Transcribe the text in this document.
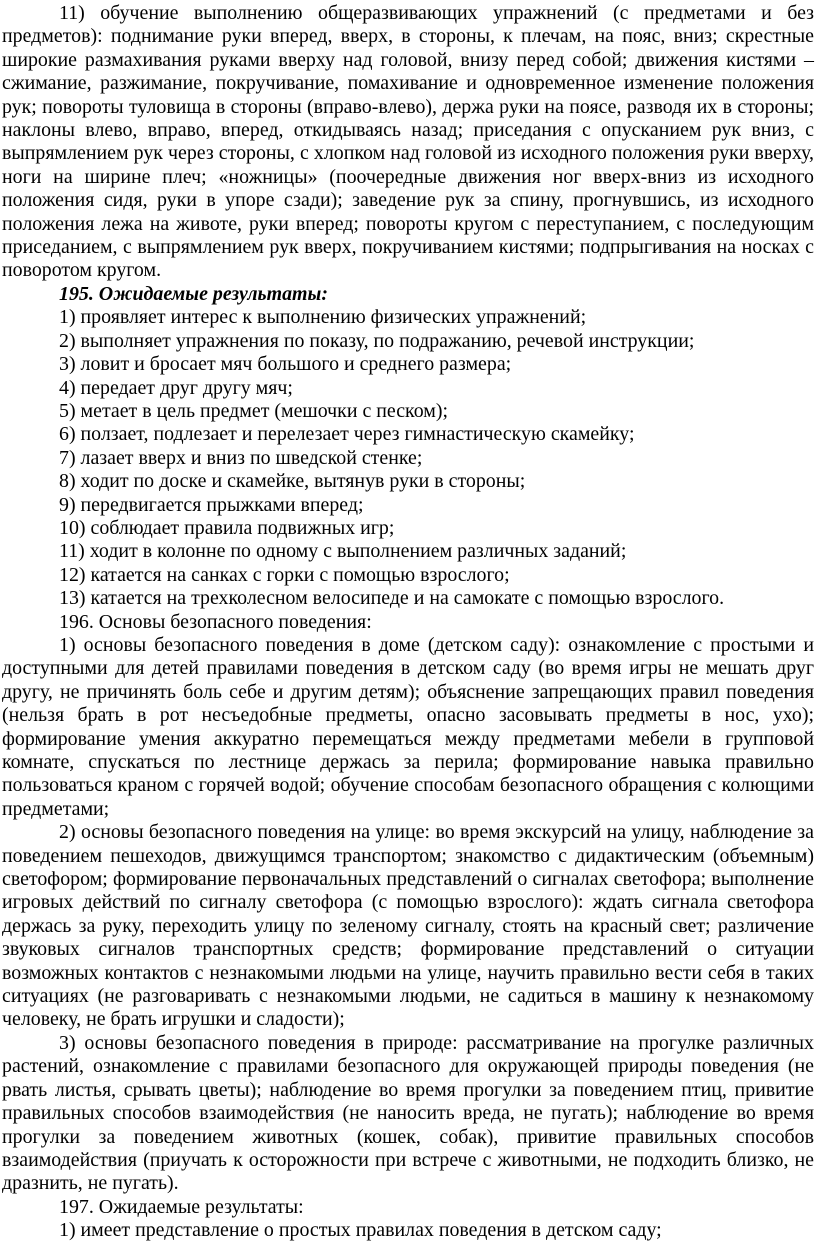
11) обучение выполнению общеразвивающих упражнений (с предметами и без предметов): поднимание руки вперед, вверх, в стороны, к плечам, на пояс, вниз; скрестные широкие размахивания руками вверху над головой, внизу перед собой; движения кистями – сжимание, разжимание, покручивание, помахивание и одновременное изменение положения рук; повороты туловища в стороны (вправо-влево), держа руки на поясе, разводя их в стороны; наклоны влево, вправо, вперед, откидываясь назад; приседания с опусканием рук вниз, с выпрямлением рук через стороны, с хлопком над головой из исходного положения руки вверху, ноги на ширине плеч; «ножницы» (поочередные движения ног вверх-вниз из исходного положения сидя, руки в упоре сзади); заведение рук за спину, прогнувшись, из исходного положения лежа на животе, руки вперед; повороты кругом с переступанием, с последующим приседанием, с выпрямлением рук вверх, покручиванием кистями; подпрыгивания на носках с поворотом кругом.

195. Ожидаемые результаты:

1) проявляет интерес к выполнению физических упражнений;

2) выполняет упражнения по показу, по подражанию, речевой инструкции;

3) ловит и бросает мяч большого и среднего размера;

4) передает друг другу мяч;

5) метает в цель предмет (мешочки с песком);

6) ползает, подлезает и перелезает через гимнастическую скамейку;

7) лазает вверх и вниз по шведской стенке;

8) ходит по доске и скамейке, вытянув руки в стороны;

9) передвигается прыжками вперед;

10) соблюдает правила подвижных игр;

11) ходит в колонне по одному с выполнением различных заданий;

12) катается на санках с горки с помощью взрослого;

13) катается на трехколесном велосипеде и на самокате с помощью взрослого.

196. Основы безопасного поведения:

1) основы безопасного поведения в доме (детском саду): ознакомление с простыми и доступными для детей правилами поведения в детском саду (во время игры не мешать друг другу, не причинять боль себе и другим детям); объяснение запрещающих правил поведения (нельзя брать в рот несъедобные предметы, опасно засовывать предметы в нос, ухо); формирование умения аккуратно перемещаться между предметами мебели в групповой комнате, спускаться по лестнице держась за перила; формирование навыка правильно пользоваться краном с горячей водой; обучение способам безопасного обращения с колющими предметами;

2) основы безопасного поведения на улице: во время экскурсий на улицу, наблюдение за поведением пешеходов, движущимся транспортом; знакомство с дидактическим (объемным) светофором; формирование первоначальных представлений о сигналах светофора; выполнение игровых действий по сигналу светофора (с помощью взрослого): ждать сигнала светофора держась за руку, переходить улицу по зеленому сигналу, стоять на красный свет; различение звуковых сигналов транспортных средств; формирование представлений о ситуации возможных контактов с незнакомыми людьми на улице, научить правильно вести себя в таких ситуациях (не разговаривать с незнакомыми людьми, не садиться в машину к незнакомому человеку, не брать игрушки и сладости);

3) основы безопасного поведения в природе: рассматривание на прогулке различных растений, ознакомление с правилами безопасного для окружающей природы поведения (не рвать листья, срывать цветы); наблюдение во время прогулки за поведением птиц, привитие правильных способов взаимодействия (не наносить вреда, не пугать); наблюдение во время прогулки за поведением животных (кошек, собак), привитие правильных способов взаимодействия (приучать к осторожности при встрече с животными, не подходить близко, не дразнить, не пугать).

197. Ожидаемые результаты:

1) имеет представление о простых правилах поведения в детском саду;
